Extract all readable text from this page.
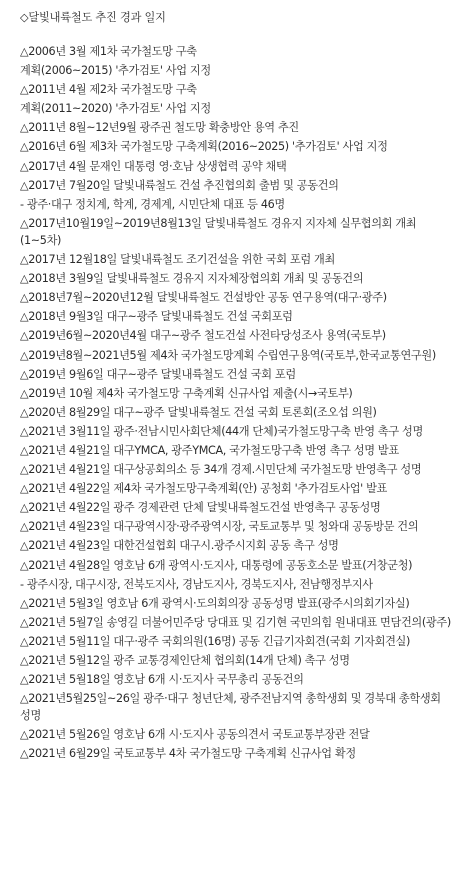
◇달빛내륙철도 추진 경과 일지
△2006년 3월 제1차 국가철도망 구축
계획(2006~2015) '추가검토' 사업 지정
△2011년 4월 제2차 국가철도망 구축
계획(2011~2020) '추가검토' 사업 지정
△2011년 8월~12년9월 광주권 철도망 확충방안 용역 추진
△2016년 6월 제3차 국가철도망 구축계획(2016~2025) '추가검토' 사업 지정
△2017년 4월 문재인 대통령 영·호남 상생협력 공약 채택
△2017년 7월20일 달빛내륙철도 건설 추진협의회 출범 및 공동건의
- 광주·대구 정치계, 학계, 경제계, 시민단체 대표 등 46명
△2017년10월19일~2019년8월13일 달빛내륙철도 경유지 지자체 실무협의회 개최(1~5차)
△2017년 12월18일 달빛내륙철도 조기건설을 위한 국회 포럼 개최
△2018년 3월9일 달빛내륙철도 경유지 지자체장협의회 개최 및 공동건의
△2018년7월~2020년12월 달빛내륙철도 건설방안 공동 연구용역(대구·광주)
△2018년 9월3일 대구~광주 달빛내륙철도 건설 국회포럼
△2019년6월~2020년4월 대구~광주 철도건설 사전타당성조사 용역(국토부)
△2019년8월~2021년5월 제4차 국가철도망계획 수립연구용역(국토부,한국교통연구원)
△2019년 9월6일 대구~광주 달빛내륙철도 건설 국회 포럼
△2019년 10월 제4차 국가철도망 구축계획 신규사업 제출(시→국토부)
△2020년 8월29일 대구~광주 달빛내륙철도 건설 국회 토론회(조오섭 의원)
△2021년 3월11일 광주·전남시민사회단체(44개 단체)국가철도망구축 반영 촉구 성명
△2021년 4월21일 대구YMCA, 광주YMCA, 국가철도망구축 반영 촉구 성명 발표
△2021년 4월21일 대구상공회의소 등 34개 경제.시민단체 국가철도망 반영촉구 성명
△2021년 4월22일 제4차 국가철도망구축계획(안) 공청회 '추가검토사업' 발표
△2021년 4월22일 광주 경제관련 단체 달빛내륙철도건설 반영촉구 공동성명
△2021년 4월23일 대구광역시장·광주광역시장, 국토교통부 및 청와대 공동방문 건의
△2021년 4월23일 대한건설협회 대구시.광주시지회 공동 촉구 성명
△2021년 4월28일 영호남 6개 광역시·도지사, 대통령에 공동호소문 발표(거창군청)
- 광주시장, 대구시장, 전북도지사, 경남도지사, 경북도지사, 전남행정부지사
△2021년 5월3일 영호남 6개 광역시·도의회의장 공동성명 발표(광주시의회기자실)
△2021년 5월7일 송영길 더불어민주당 당대표 및 김기현 국민의힘 원내대표 면담건의(광주)
△2021년 5월11일 대구·광주 국회의원(16명) 공동 긴급기자회견(국회 기자회견실)
△2021년 5월12일 광주 교통경제인단체 협의회(14개 단체) 촉구 성명
△2021년 5월18일 영호남 6개 시·도지사 국무총리 공동건의
△2021년5월25일~26일 광주·대구 청년단체, 광주전남지역 총학생회 및 경북대 총학생회 성명
△2021년 5월26일 영호남 6개 시·도지사 공동의견서 국토교통부장관 전달
△2021년 6월29일 국토교통부 4차 국가철도망 구축계획 신규사업 확정
